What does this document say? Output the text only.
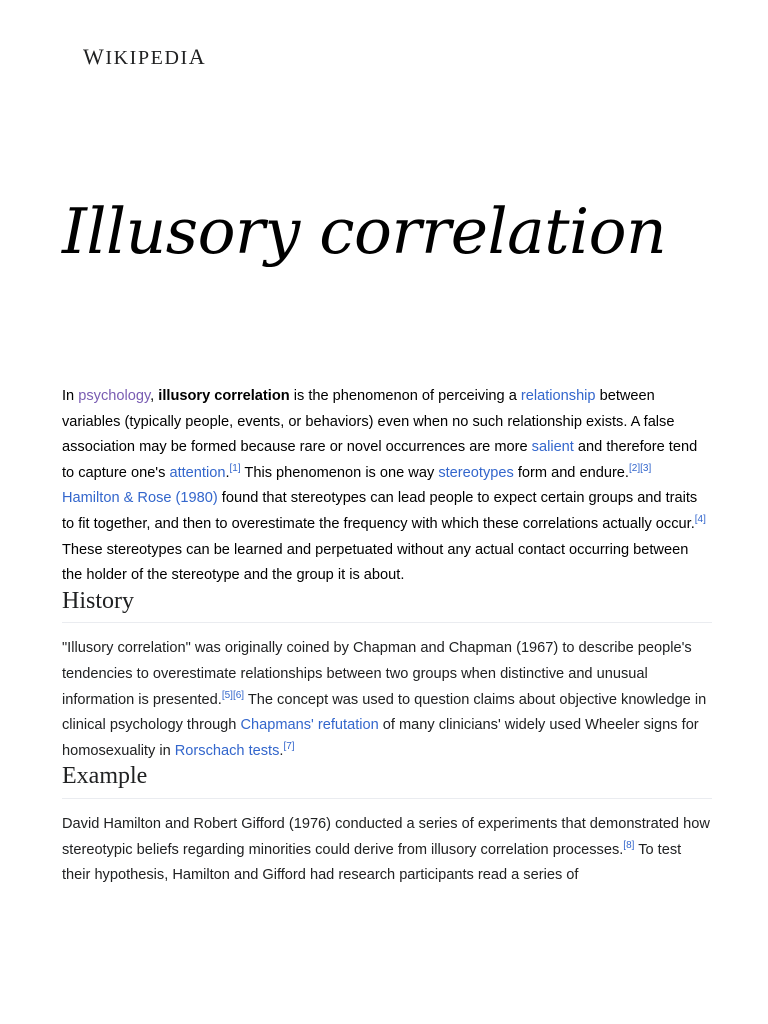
WIKIPEDIA
Illusory correlation

In psychology, illusory correlation is the phenomenon of perceiving a relationship between variables (typically people, events, or behaviors) even when no such relationship exists. A false association may be formed because rare or novel occurrences are more salient and therefore tend to capture one's attention.[1] This phenomenon is one way stereotypes form and endure.[2][3] Hamilton & Rose (1980) found that stereotypes can lead people to expect certain groups and traits to fit together, and then to overestimate the frequency with which these correlations actually occur.[4] These stereotypes can be learned and perpetuated without any actual contact occurring between the holder of the stereotype and the group it is about.

History

"Illusory correlation" was originally coined by Chapman and Chapman (1967) to describe people's tendencies to overestimate relationships between two groups when distinctive and unusual information is presented.[5][6] The concept was used to question claims about objective knowledge in clinical psychology through Chapmans' refutation of many clinicians' widely used Wheeler signs for homosexuality in Rorschach tests.[7]

Example

David Hamilton and Robert Gifford (1976) conducted a series of experiments that demonstrated how stereotypic beliefs regarding minorities could derive from illusory correlation processes.[8] To test their hypothesis, Hamilton and Gifford had research participants read a series of
